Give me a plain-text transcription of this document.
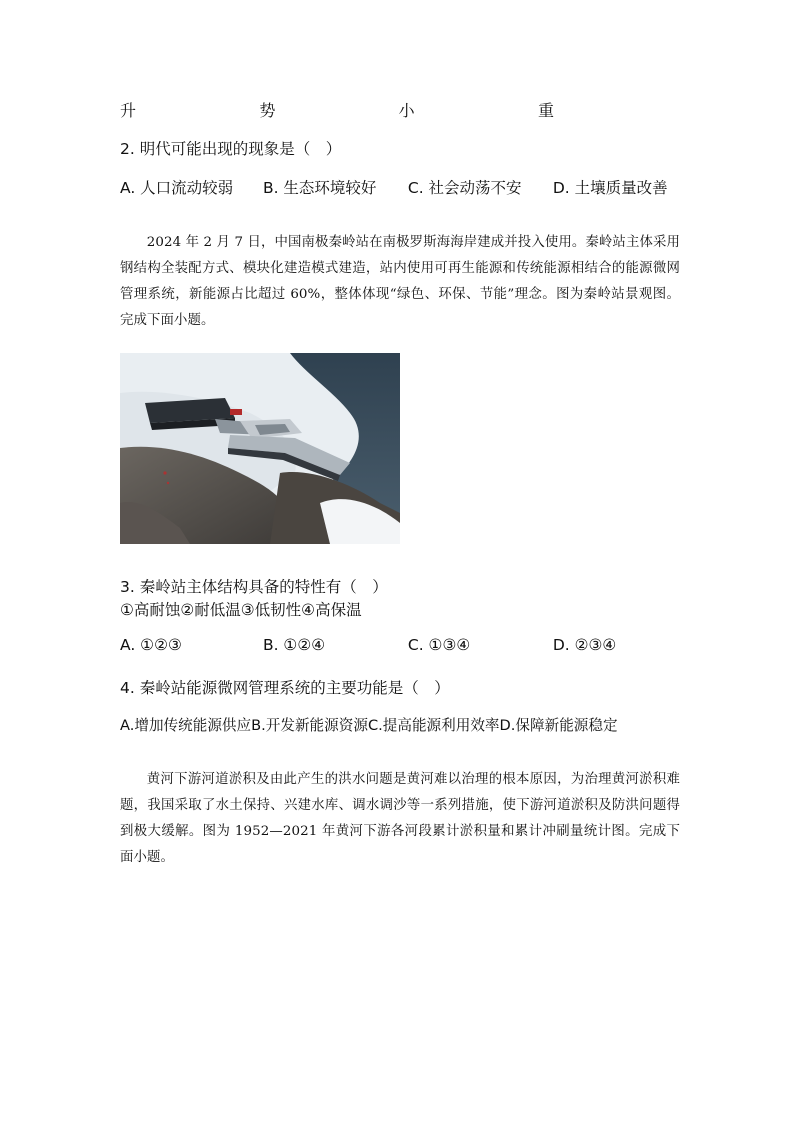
升	势	小	重
2. 明代可能出现的现象是（　）
A. 人口流动较弱 B. 生态环境较好 C. 社会动荡不安 D. 土壤质量改善
2024 年 2 月 7 日，中国南极秦岭站在南极罗斯海海岸建成并投入使用。秦岭站主体采用钢结构全装配方式、模块化建造模式建造，站内使用可再生能源和传统能源相结合的能源微网管理系统，新能源占比超过 60%，整体体现“绿色、环保、节能”理念。图为秦岭站景观图。完成下面小题。
3. 秦岭站主体结构具备的特性有（　）
①高耐蚀②耐低温③低韧性④高保温
A. ①②③	B. ①②④	C. ①③④	D. ②③④
4. 秦岭站能源微网管理系统的主要功能是（　）
A.增加传统能源供应B.开发新能源资源C.提高能源利用效率D.保障新能源稳定
黄河下游河道淤积及由此产生的洪水问题是黄河难以治理的根本原因，为治理黄河淤积难题，我国采取了水土保持、兴建水库、调水调沙等一系列措施，使下游河道淤积及防洪问题得到极大缓解。图为 1952—2021 年黄河下游各河段累计淤积量和累计冲刷量统计图。完成下面小题。
